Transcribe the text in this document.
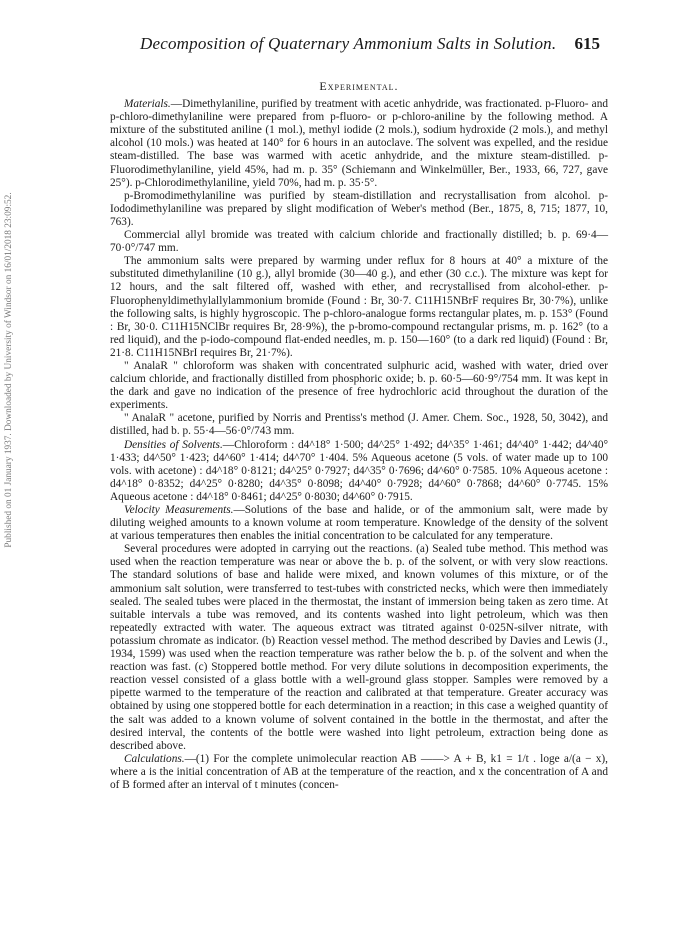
Published on 01 January 1937. Downloaded by University of Windsor on 16/01/2018 23:09:52.
Decomposition of Quaternary Ammonium Salts in Solution. 615
Experimental.

Materials.—Dimethylaniline, purified by treatment with acetic anhydride, was fractionated. p-Fluoro- and p-chloro-dimethylaniline were prepared from p-fluoro- or p-chloro-aniline by the following method. A mixture of the substituted aniline (1 mol.), methyl iodide (2 mols.), sodium hydroxide (2 mols.), and methyl alcohol (10 mols.) was heated at 140° for 6 hours in an autoclave. The solvent was expelled, and the residue steam-distilled. The base was warmed with acetic anhydride, and the mixture steam-distilled. p-Fluorodimethylaniline, yield 45%, had m. p. 35° (Schiemann and Winkelmüller, Ber., 1933, 66, 727, gave 25°). p-Chlorodimethylaniline, yield 70%, had m. p. 35·5°.

p-Bromodimethylaniline was purified by steam-distillation and recrystallisation from alcohol. p-Iododimethylaniline was prepared by slight modification of Weber's method (Ber., 1875, 8, 715; 1877, 10, 763).

Commercial allyl bromide was treated with calcium chloride and fractionally distilled; b. p. 69·4—70·0°/747 mm.

The ammonium salts were prepared by warming under reflux for 8 hours at 40° a mixture of the substituted dimethylaniline (10 g.), allyl bromide (30—40 g.), and ether (30 c.c.). The mixture was kept for 12 hours, and the salt filtered off, washed with ether, and recrystallised from alcohol-ether. p-Fluorophenyldimethylallylammonium bromide (Found : Br, 30·7. C11H15NBrF requires Br, 30·7%), unlike the following salts, is highly hygroscopic. The p-chloro-analogue forms rectangular plates, m. p. 153° (Found : Br, 30·0. C11H15NClBr requires Br, 28·9%), the p-bromo-compound rectangular prisms, m. p. 162° (to a red liquid), and the p-iodo-compound flat-ended needles, m. p. 150—160° (to a dark red liquid) (Found : Br, 21·8. C11H15NBrI requires Br, 21·7%).

" AnalaR " chloroform was shaken with concentrated sulphuric acid, washed with water, dried over calcium chloride, and fractionally distilled from phosphoric oxide; b. p. 60·5—60·9°/754 mm. It was kept in the dark and gave no indication of the presence of free hydrochloric acid throughout the duration of the experiments.

" AnalaR " acetone, purified by Norris and Prentiss's method (J. Amer. Chem. Soc., 1928, 50, 3042), and distilled, had b. p. 55·4—56·0°/743 mm.

Densities of Solvents.—Chloroform : d4^18° 1·500; d4^25° 1·492; d4^35° 1·461; d4^40° 1·442; d4^40° 1·433; d4^50° 1·423; d4^60° 1·414; d4^70° 1·404. 5% Aqueous acetone (5 vols. of water made up to 100 vols. with acetone) : d4^18° 0·8121; d4^25° 0·7927; d4^35° 0·7696; d4^60° 0·7585. 10% Aqueous acetone : d4^18° 0·8352; d4^25° 0·8280; d4^35° 0·8098; d4^40° 0·7928; d4^60° 0·7868; d4^60° 0·7745. 15% Aqueous acetone : d4^18° 0·8461; d4^25° 0·8030; d4^60° 0·7915.

Velocity Measurements.—Solutions of the base and halide, or of the ammonium salt, were made by diluting weighed amounts to a known volume at room temperature. Knowledge of the density of the solvent at various temperatures then enables the initial concentration to be calculated for any temperature.

Several procedures were adopted in carrying out the reactions. (a) Sealed tube method. This method was used when the reaction temperature was near or above the b. p. of the solvent, or with very slow reactions. The standard solutions of base and halide were mixed, and known volumes of this mixture, or of the ammonium salt solution, were transferred to test-tubes with constricted necks, which were then immediately sealed. The sealed tubes were placed in the thermostat, the instant of immersion being taken as zero time. At suitable intervals a tube was removed, and its contents washed into light petroleum, which was then repeatedly extracted with water. The aqueous extract was titrated against 0·025N-silver nitrate, with potassium chromate as indicator. (b) Reaction vessel method. The method described by Davies and Lewis (J., 1934, 1599) was used when the reaction temperature was rather below the b. p. of the solvent and when the reaction was fast. (c) Stoppered bottle method. For very dilute solutions in decomposition experiments, the reaction vessel consisted of a glass bottle with a well-ground glass stopper. Samples were removed by a pipette warmed to the temperature of the reaction and calibrated at that temperature. Greater accuracy was obtained by using one stoppered bottle for each determination in a reaction; in this case a weighed quantity of the salt was added to a known volume of solvent contained in the bottle in the thermostat, and after the desired interval, the contents of the bottle were washed into light petroleum, extraction being done as described above.

Calculations.—(1) For the complete unimolecular reaction AB ——> A + B, k1 = 1/t . loge a/(a − x), where a is the initial concentration of AB at the temperature of the reaction, and x the concentration of A and of B formed after an interval of t minutes (concen-
